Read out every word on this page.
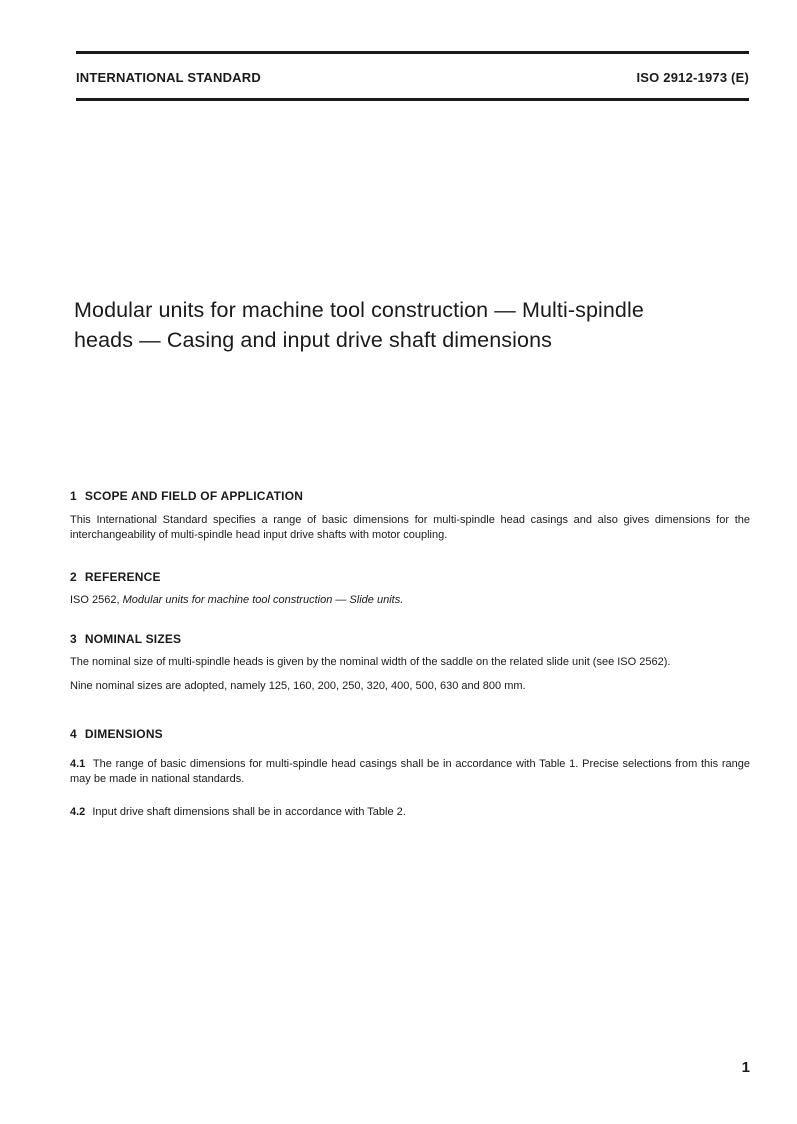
INTERNATIONAL STANDARD	ISO 2912-1973 (E)
Modular units for machine tool construction — Multi-spindle
heads — Casing and input drive shaft dimensions
1 SCOPE AND FIELD OF APPLICATION

This International Standard specifies a range of basic dimensions for multi-spindle head casings and also gives dimensions for the interchangeability of multi-spindle head input drive shafts with motor coupling.

2 REFERENCE

ISO 2562, Modular units for machine tool construction — Slide units.

3 NOMINAL SIZES

The nominal size of multi-spindle heads is given by the nominal width of the saddle on the related slide unit (see ISO 2562).

Nine nominal sizes are adopted, namely 125, 160, 200, 250, 320, 400, 500, 630 and 800 mm.

4 DIMENSIONS

4.1 The range of basic dimensions for multi-spindle head casings shall be in accordance with Table 1. Precise selections from this range may be made in national standards.

4.2 Input drive shaft dimensions shall be in accordance with Table 2.

1
